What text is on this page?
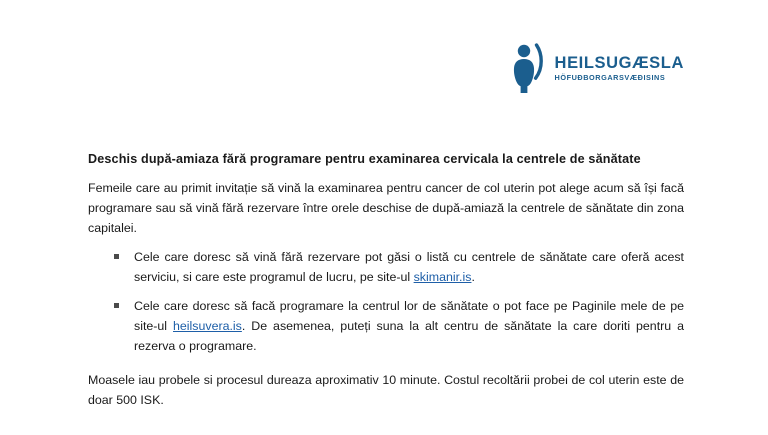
HEILSUGÆSLA
HÖFUÐBORGARSVÆÐISINS
Deschis după-amiaza fără programare pentru examinarea cervicala la centrele de sănătate

Femeile care au primit invitație să vină la examinarea pentru cancer de col uterin pot alege acum să își facă programare sau să vină fără rezervare între orele deschise de după-amiază la centrele de sănătate din zona capitalei.

Cele care doresc să vină fără rezervare pot găsi o listă cu centrele de sănătate care oferă acest serviciu, si care este programul de lucru, pe site-ul skimanir.is.
Cele care doresc să facă programare la centrul lor de sănătate o pot face pe Paginile mele de pe site-ul heilsuvera.is. De asemenea, puteți suna la alt centru de sănătate la care doriti pentru a rezerva o programare.

Moasele iau probele si procesul dureaza aproximativ 10 minute. Costul recoltării probei de col uterin este de doar 500 ISK.
